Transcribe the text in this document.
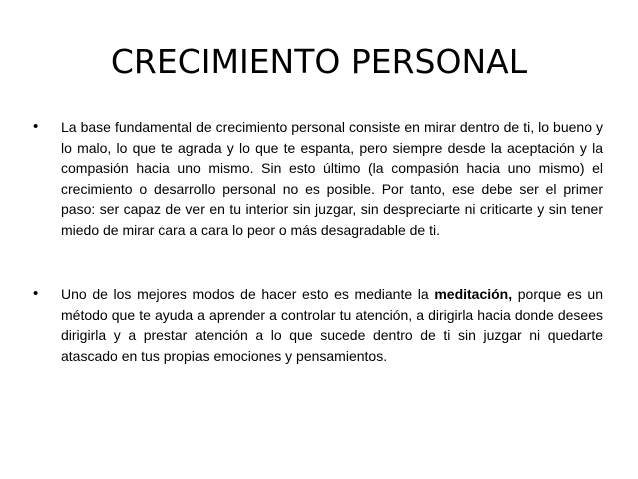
CRECIMIENTO PERSONAL
• La base fundamental de crecimiento personal consiste en mirar dentro de ti, lo bueno y lo malo, lo que te agrada y lo que te espanta, pero siempre desde la aceptación y la compasión hacia uno mismo. Sin esto último (la compasión hacia uno mismo) el crecimiento o desarrollo personal no es posible. Por tanto, ese debe ser el primer paso: ser capaz de ver en tu interior sin juzgar, sin despreciarte ni criticarte y sin tener miedo de mirar cara a cara lo peor o más desagradable de ti.
• Uno de los mejores modos de hacer esto es mediante la meditación, porque es un método que te ayuda a aprender a controlar tu atención, a dirigirla hacia donde desees dirigirla y a prestar atención a lo que sucede dentro de ti sin juzgar ni quedarte atascado en tus propias emociones y pensamientos.
